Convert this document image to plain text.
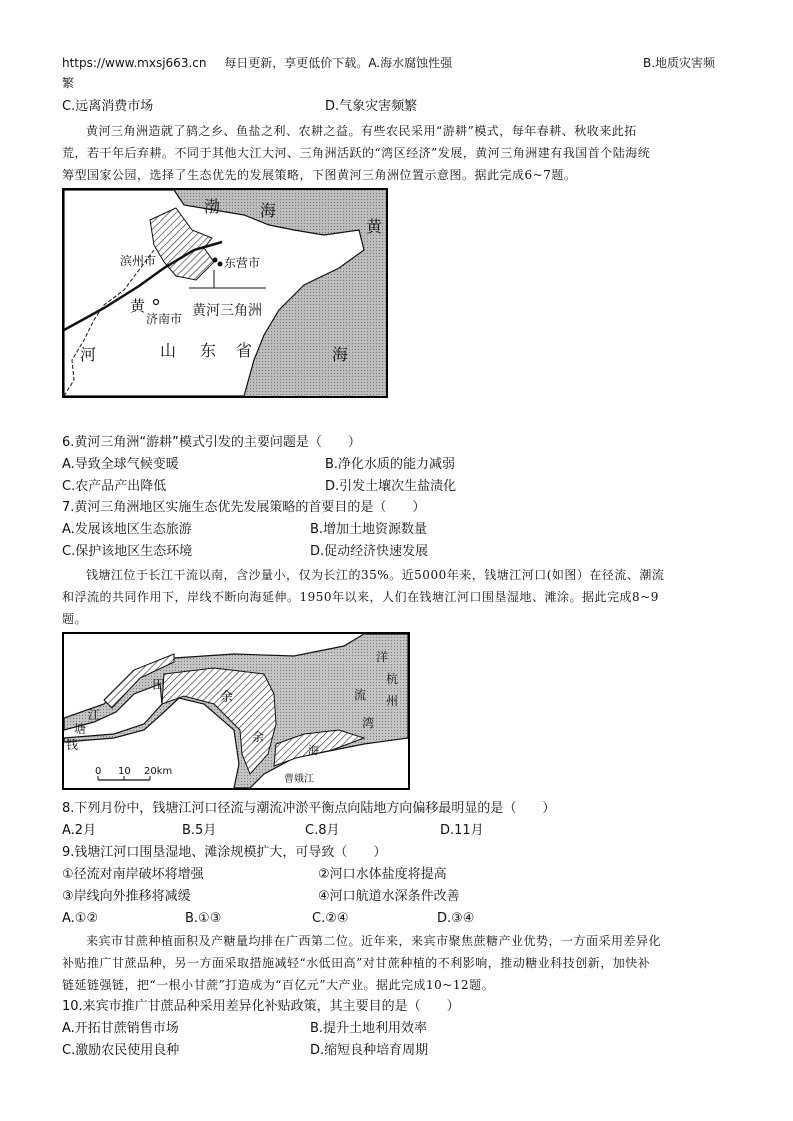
https://www.mxsj663.cn 每日更新，享更低价下载。A.海水腐蚀性强	B.地质灾害频
繁
C.远离消费市场	D.气象灾害频繁
黄河三角洲造就了鸫之乡、鱼盐之利、农耕之益。有些农民采用“游耕”模式，每年春耕、秋收来此拓
荒，若干年后弃耕。不同于其他大江大河、三角洲活跃的“湾区经济”发展，黄河三角洲建有我国首个陆海统
筹型国家公园，选择了生态优先的发展策略，下图黄河三角洲位置示意图。据此完成6~7题。
渤 海
黄
海
滨州市	东营市
黄
济南市 黄河三角洲
河	山 东 省
6.黄河三角洲“游耕”模式引发的主要问题是（　　）
A.导致全球气候变暖	B.净化水质的能力减弱
C.农产品产出降低	D.引发土壤次生盐渍化
7.黄河三角洲地区实施生态优先发展策略的首要目的是（　　）
A.发展该地区生态旅游	B.增加土地资源数量
C.保护该地区生态环境	D.促动经济快速发展
钱塘江位于长江干流以南，含沙量小，仅为长江的35%。近5000年来，钱塘江河口(如图）在径流、潮流
和浮流的共同作用下，岸线不断向海延伸。1950年以来，人们在钱塘江河口围垦湿地、滩涂。据此完成8~9
题。
田
余
江
塘
钱
余
海
洋
杭
流 州
湾
曹娥江
0 10 20km
8.下列月份中，钱塘江河口径流与潮流冲淤平衡点向陆地方向偏移最明显的是（　　）
A.2月	B.5月	C.8月	D.11月
9.钱塘江河口围垦湿地、滩涂规模扩大，可导致（　　）
①径流对南岸破坏将增强	②河口水体盐度将提高
③岸线向外推移将减缓	④河口航道水深条件改善
A.①②	B.①③	C.②④	D.③④
来宾市甘蔗种植面积及产糖量均排在广西第二位。近年来，来宾市聚焦蔗糖产业优势，一方面采用差异化
补贴推广甘蔗品种，另一方面采取措施减轻“水低田高”对甘蔗种植的不利影响，推动糖业科技创新，加快补
链延链强链，把“一根小甘蔗”打造成为“百亿元”大产业。据此完成10~12题。
10.来宾市推广甘蔗品种采用差异化补贴政策，其主要目的是（　　）
A.开拓甘蔗销售市场	B.提升土地利用效率
C.激励农民使用良种	D.缩短良种培育周期
